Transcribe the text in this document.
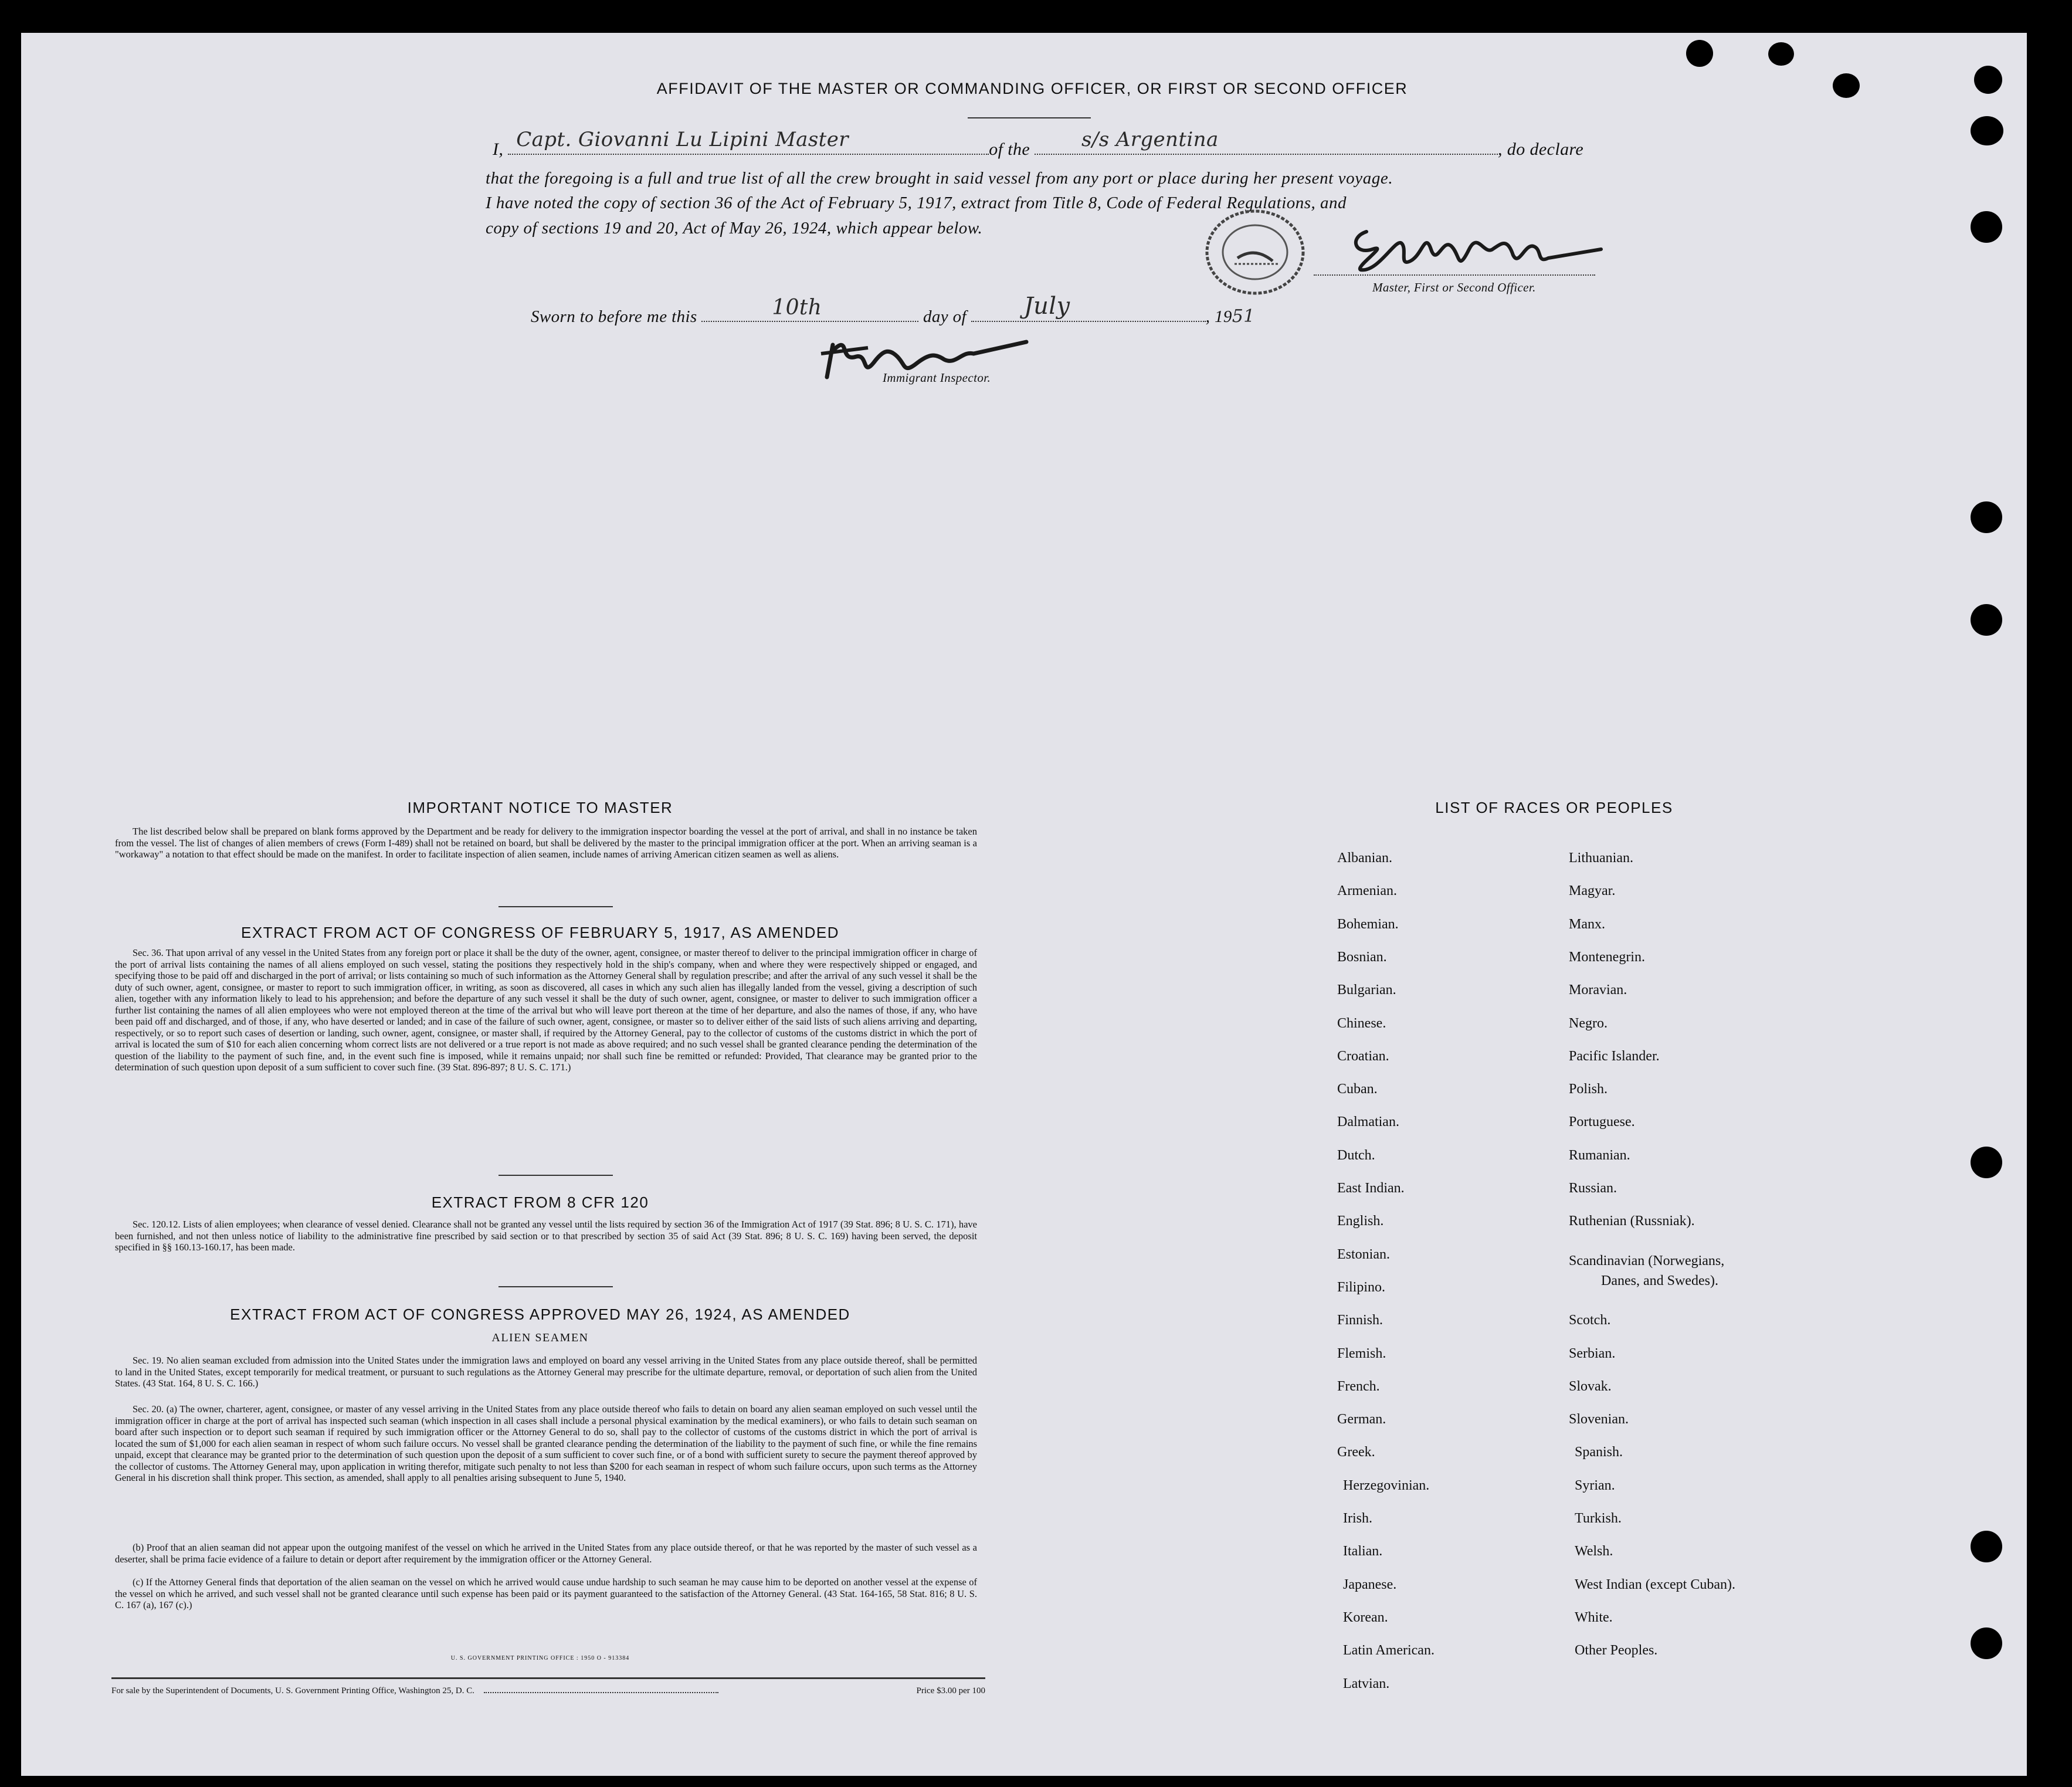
AFFIDAVIT OF THE MASTER OR COMMANDING OFFICER, OR FIRST OR SECOND OFFICER
I, Capt. Giovanni Lu Lipini Master	of the	s/s Argentina	, do declare
that the foregoing is a full and true list of all the crew brought in said vessel from any port or place during her present voyage.
I have noted the copy of section 36 of the Act of February 5, 1917, extract from Title 8, Code of Federal Regulations, and
copy of sections 19 and 20, Act of May 26, 1924, which appear below.
Master, First or Second Officer.
Sworn to before me this	10th	day of July	, 1951
Immigrant Inspector.
IMPORTANT NOTICE TO MASTER
The list described below shall be prepared on blank forms approved by the Department and be ready for delivery to the immigration inspector boarding the vessel at the port of arrival, and shall in no instance be taken from the vessel. The list of changes of alien members of crews (Form I-489) shall not be retained on board, but shall be delivered by the master to the principal immigration officer at the port. When an arriving seaman is a "workaway" a notation to that effect should be made on the manifest. In order to facilitate inspection of alien seamen, include names of arriving American citizen seamen as well as aliens.
EXTRACT FROM ACT OF CONGRESS OF FEBRUARY 5, 1917, AS AMENDED
Sec. 36. That upon arrival of any vessel in the United States from any foreign port or place it shall be the duty of the owner, agent, consignee, or master thereof to deliver to the principal immigration officer in charge of the port of arrival lists containing the names of all aliens employed on such vessel, stating the positions they respectively hold in the ship's company, when and where they were respectively shipped or engaged, and specifying those to be paid off and discharged in the port of arrival; or lists containing so much of such information as the Attorney General shall by regulation prescribe; and after the arrival of any such vessel it shall be the duty of such owner, agent, consignee, or master to report to such immigration officer, in writing, as soon as discovered, all cases in which any such alien has illegally landed from the vessel, giving a description of such alien, together with any information likely to lead to his apprehension; and before the departure of any such vessel it shall be the duty of such owner, agent, consignee, or master to deliver to such immigration officer a further list containing the names of all alien employees who were not employed thereon at the time of the arrival but who will leave port thereon at the time of her departure, and also the names of those, if any, who have been paid off and discharged, and of those, if any, who have deserted or landed; and in case of the failure of such owner, agent, consignee, or master so to deliver either of the said lists of such aliens arriving and departing, respectively, or so to report such cases of desertion or landing, such owner, agent, consignee, or master shall, if required by the Attorney General, pay to the collector of customs of the customs district in which the port of arrival is located the sum of $10 for each alien concerning whom correct lists are not delivered or a true report is not made as above required; and no such vessel shall be granted clearance pending the determination of the question of the liability to the payment of such fine, and, in the event such fine is imposed, while it remains unpaid; nor shall such fine be remitted or refunded: Provided, That clearance may be granted prior to the determination of such question upon deposit of a sum sufficient to cover such fine. (39 Stat. 896-897; 8 U. S. C. 171.)
EXTRACT FROM 8 CFR 120
Sec. 120.12. Lists of alien employees; when clearance of vessel denied. Clearance shall not be granted any vessel until the lists required by section 36 of the Immigration Act of 1917 (39 Stat. 896; 8 U. S. C. 171), have been furnished, and not then unless notice of liability to the administrative fine prescribed by said section or to that prescribed by section 35 of said Act (39 Stat. 896; 8 U. S. C. 169) having been served, the deposit specified in §§ 160.13-160.17, has been made.
EXTRACT FROM ACT OF CONGRESS APPROVED MAY 26, 1924, AS AMENDED
ALIEN SEAMEN
Sec. 19. No alien seaman excluded from admission into the United States under the immigration laws and employed on board any vessel arriving in the United States from any place outside thereof, shall be permitted to land in the United States, except temporarily for medical treatment, or pursuant to such regulations as the Attorney General may prescribe for the ultimate departure, removal, or deportation of such alien from the United States. (43 Stat. 164, 8 U. S. C. 166.)
Sec. 20. (a) The owner, charterer, agent, consignee, or master of any vessel arriving in the United States from any place outside thereof who fails to detain on board any alien seaman employed on such vessel until the immigration officer in charge at the port of arrival has inspected such seaman (which inspection in all cases shall include a personal physical examination by the medical examiners), or who fails to detain such seaman on board after such inspection or to deport such seaman if required by such immigration officer or the Attorney General to do so, shall pay to the collector of customs of the customs district in which the port of arrival is located the sum of $1,000 for each alien seaman in respect of whom such failure occurs. No vessel shall be granted clearance pending the determination of the liability to the payment of such fine, or while the fine remains unpaid, except that clearance may be granted prior to the determination of such question upon the deposit of a sum sufficient to cover such fine, or of a bond with sufficient surety to secure the payment thereof approved by the collector of customs. The Attorney General may, upon application in writing therefor, mitigate such penalty to not less than $200 for each seaman in respect of whom such failure occurs, upon such terms as the Attorney General in his discretion shall think proper. This section, as amended, shall apply to all penalties arising subsequent to June 5, 1940.
(b) Proof that an alien seaman did not appear upon the outgoing manifest of the vessel on which he arrived in the United States from any place outside thereof, or that he was reported by the master of such vessel as a deserter, shall be prima facie evidence of a failure to detain or deport after requirement by the immigration officer or the Attorney General.
(c) If the Attorney General finds that deportation of the alien seaman on the vessel on which he arrived would cause undue hardship to such seaman he may cause him to be deported on another vessel at the expense of the vessel on which he arrived, and such vessel shall not be granted clearance until such expense has been paid or its payment guaranteed to the satisfaction of the Attorney General. (43 Stat. 164-165, 58 Stat. 816; 8 U. S. C. 167 (a), 167 (c).)
U. S. GOVERNMENT PRINTING OFFICE : 1950 O - 913384
For sale by the Superintendent of Documents, U. S. Government Printing Office, Washington 25, D. C.	Price $3.00 per 100
LIST OF RACES OR PEOPLES
Albanian.
Armenian.
Bohemian.
Bosnian.
Bulgarian.
Chinese.
Croatian.
Cuban.
Dalmatian.
Dutch.
East Indian.
English.
Estonian.
Filipino.
Finnish.
Flemish.
French.
German.
Greek.
Herzegovinian.
Irish.
Italian.
Japanese.
Korean.
Latin American.
Latvian.
Lithuanian.
Magyar.
Manx.
Montenegrin.
Moravian.
Negro.
Pacific Islander.
Polish.
Portuguese.
Rumanian.
Russian.
Ruthenian (Russniak).
Scandinavian (Norwegians,
Danes, and Swedes).
Scotch.
Serbian.
Slovak.
Slovenian.
Spanish.
Syrian.
Turkish.
Welsh.
West Indian (except Cuban).
White.
Other Peoples.
